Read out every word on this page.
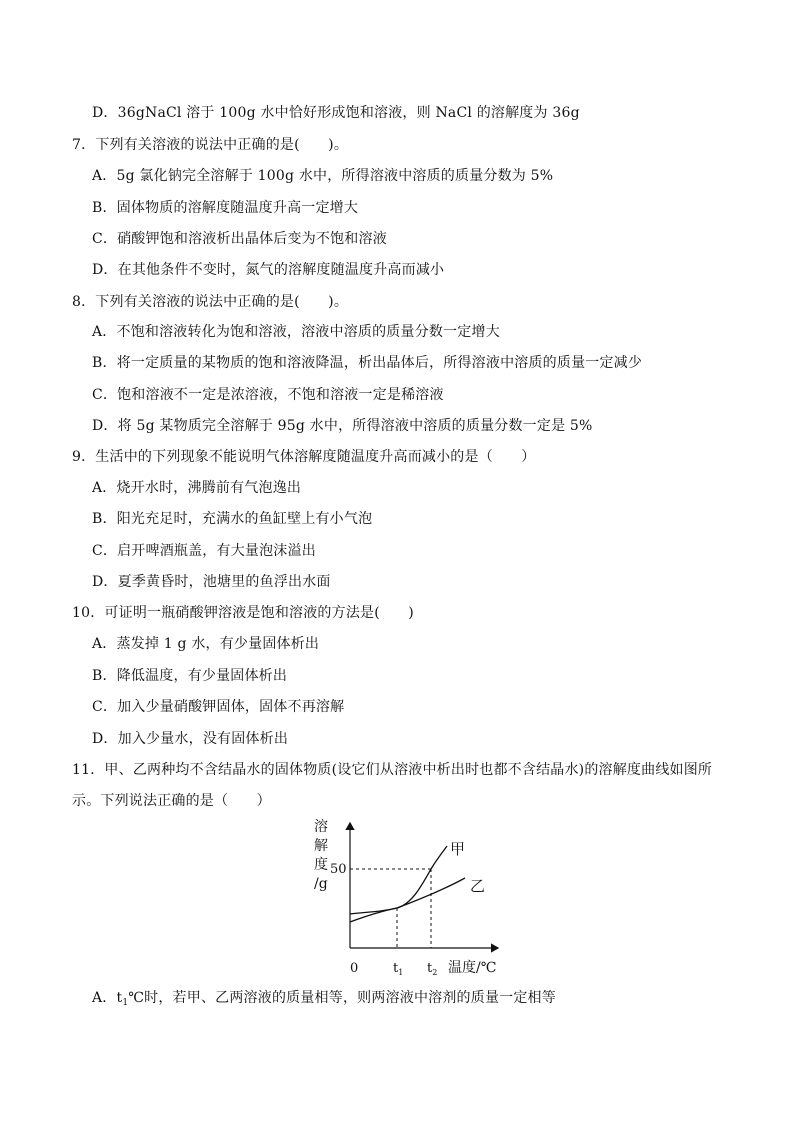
D．36gNaCl 溶于 100g 水中恰好形成饱和溶液，则 NaCl 的溶解度为 36g
7．下列有关溶液的说法中正确的是(　　)。
A．5g 氯化钠完全溶解于 100g 水中，所得溶液中溶质的质量分数为 5%
B．固体物质的溶解度随温度升高一定增大
C．硝酸钾饱和溶液析出晶体后变为不饱和溶液
D．在其他条件不变时，氮气的溶解度随温度升高而减小
8．下列有关溶液的说法中正确的是(　　)。
A．不饱和溶液转化为饱和溶液，溶液中溶质的质量分数一定增大
B．将一定质量的某物质的饱和溶液降温，析出晶体后，所得溶液中溶质的质量一定减少
C．饱和溶液不一定是浓溶液，不饱和溶液一定是稀溶液
D．将 5g 某物质完全溶解于 95g 水中，所得溶液中溶质的质量分数一定是 5%
9．生活中的下列现象不能说明气体溶解度随温度升高而减小的是（　　）
A．烧开水时，沸腾前有气泡逸出
B．阳光充足时，充满水的鱼缸壁上有小气泡
C．启开啤酒瓶盖，有大量泡沫溢出
D．夏季黄昏时，池塘里的鱼浮出水面
10．可证明一瓶硝酸钾溶液是饱和溶液的方法是(　　)
A．蒸发掉 1 g 水，有少量固体析出
B．降低温度，有少量固体析出
C．加入少量硝酸钾固体，固体不再溶解
D．加入少量水，没有固体析出
11．甲、乙两种均不含结晶水的固体物质(设它们从溶液中析出时也都不含结晶水)的溶解度曲线如图所
示。下列说法正确的是（　　）
A．$t_1℃$时，若甲、乙两溶液的质量相等，则两溶液中溶剂的质量一定相等
溶
解
度
/g
50
甲
乙
0	$t_1$ $t_2$ 温度/℃
